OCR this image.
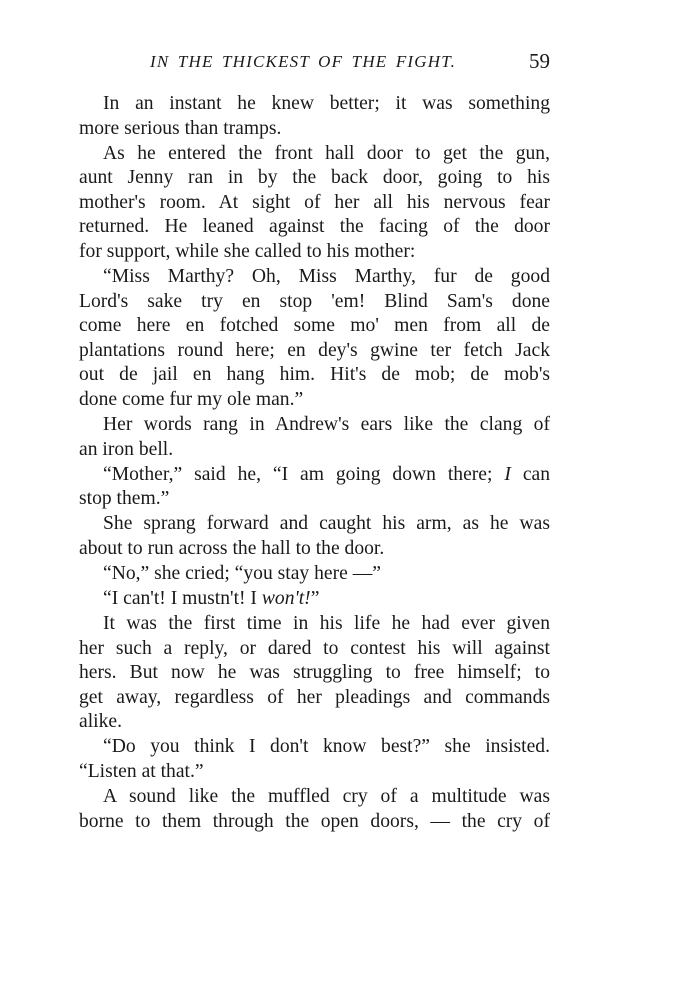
IN THE THICKEST OF THE FIGHT.	59
In an instant he knew better; it was something
more serious than tramps.
As he entered the front hall door to get the gun,
aunt Jenny ran in by the back door, going to his
mother's room. At sight of her all his nervous fear
returned. He leaned against the facing of the door
for support, while she called to his mother:
“Miss Marthy? Oh, Miss Marthy, fur de good
Lord's sake try en stop 'em! Blind Sam's done
come here en fotched some mo' men from all de
plantations round here; en dey's gwine ter fetch Jack
out de jail en hang him. Hit's de mob; de mob's
done come fur my ole man.”
Her words rang in Andrew's ears like the clang of
an iron bell.
“Mother,” said he, “I am going down there; I can
stop them.”
She sprang forward and caught his arm, as he was
about to run across the hall to the door.
“No,” she cried; “you stay here —”
“I can't! I mustn't! I won't!”
It was the first time in his life he had ever given
her such a reply, or dared to contest his will against
hers. But now he was struggling to free himself; to
get away, regardless of her pleadings and commands
alike.
“Do you think I don't know best?” she insisted.
“Listen at that.”
A sound like the muffled cry of a multitude was
borne to them through the open doors, — the cry of
